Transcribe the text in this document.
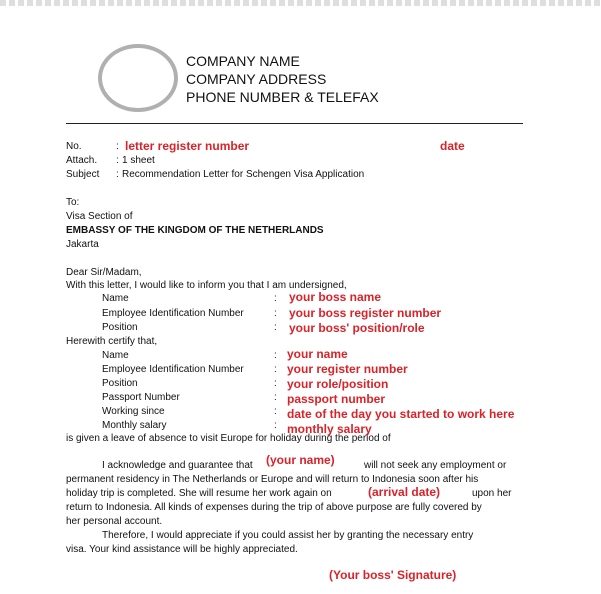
COMPANY NAME
COMPANY ADDRESS
PHONE NUMBER & TELEFAX
No.	: letter register number	date
Attach. : 1 sheet
Subject : Recommendation Letter for Schengen Visa Application
To:
Visa Section of
EMBASSY OF THE KINGDOM OF THE NETHERLANDS
Jakarta
Dear Sir/Madam,
With this letter, I would like to inform you that I am undersigned,
Name	: your boss name
Employee Identification Number	: your boss register number
Position	: your boss' position/role
Herewith certify that,
Name	: your name
Employee Identification Number	: your register number
Position	: your role/position
Passport Number	: passport number
Working since	: date of the day you started to work here
Monthly salary	: monthly salary
is given a leave of absence to visit Europe for holiday during the period of
I acknowledge and guarantee that (your name)	will not seek any employment or
permanent residency in The Netherlands or Europe and will return to Indonesia soon after his
holiday trip is completed. She will resume her work again on	(arrival date)	upon her
return to Indonesia. All kinds of expenses during the trip of above purpose are fully covered by
her personal account.
Therefore, I would appreciate if you could assist her by granting the necessary entry
visa. Your kind assistance will be highly appreciated.
(Your boss' Signature)
